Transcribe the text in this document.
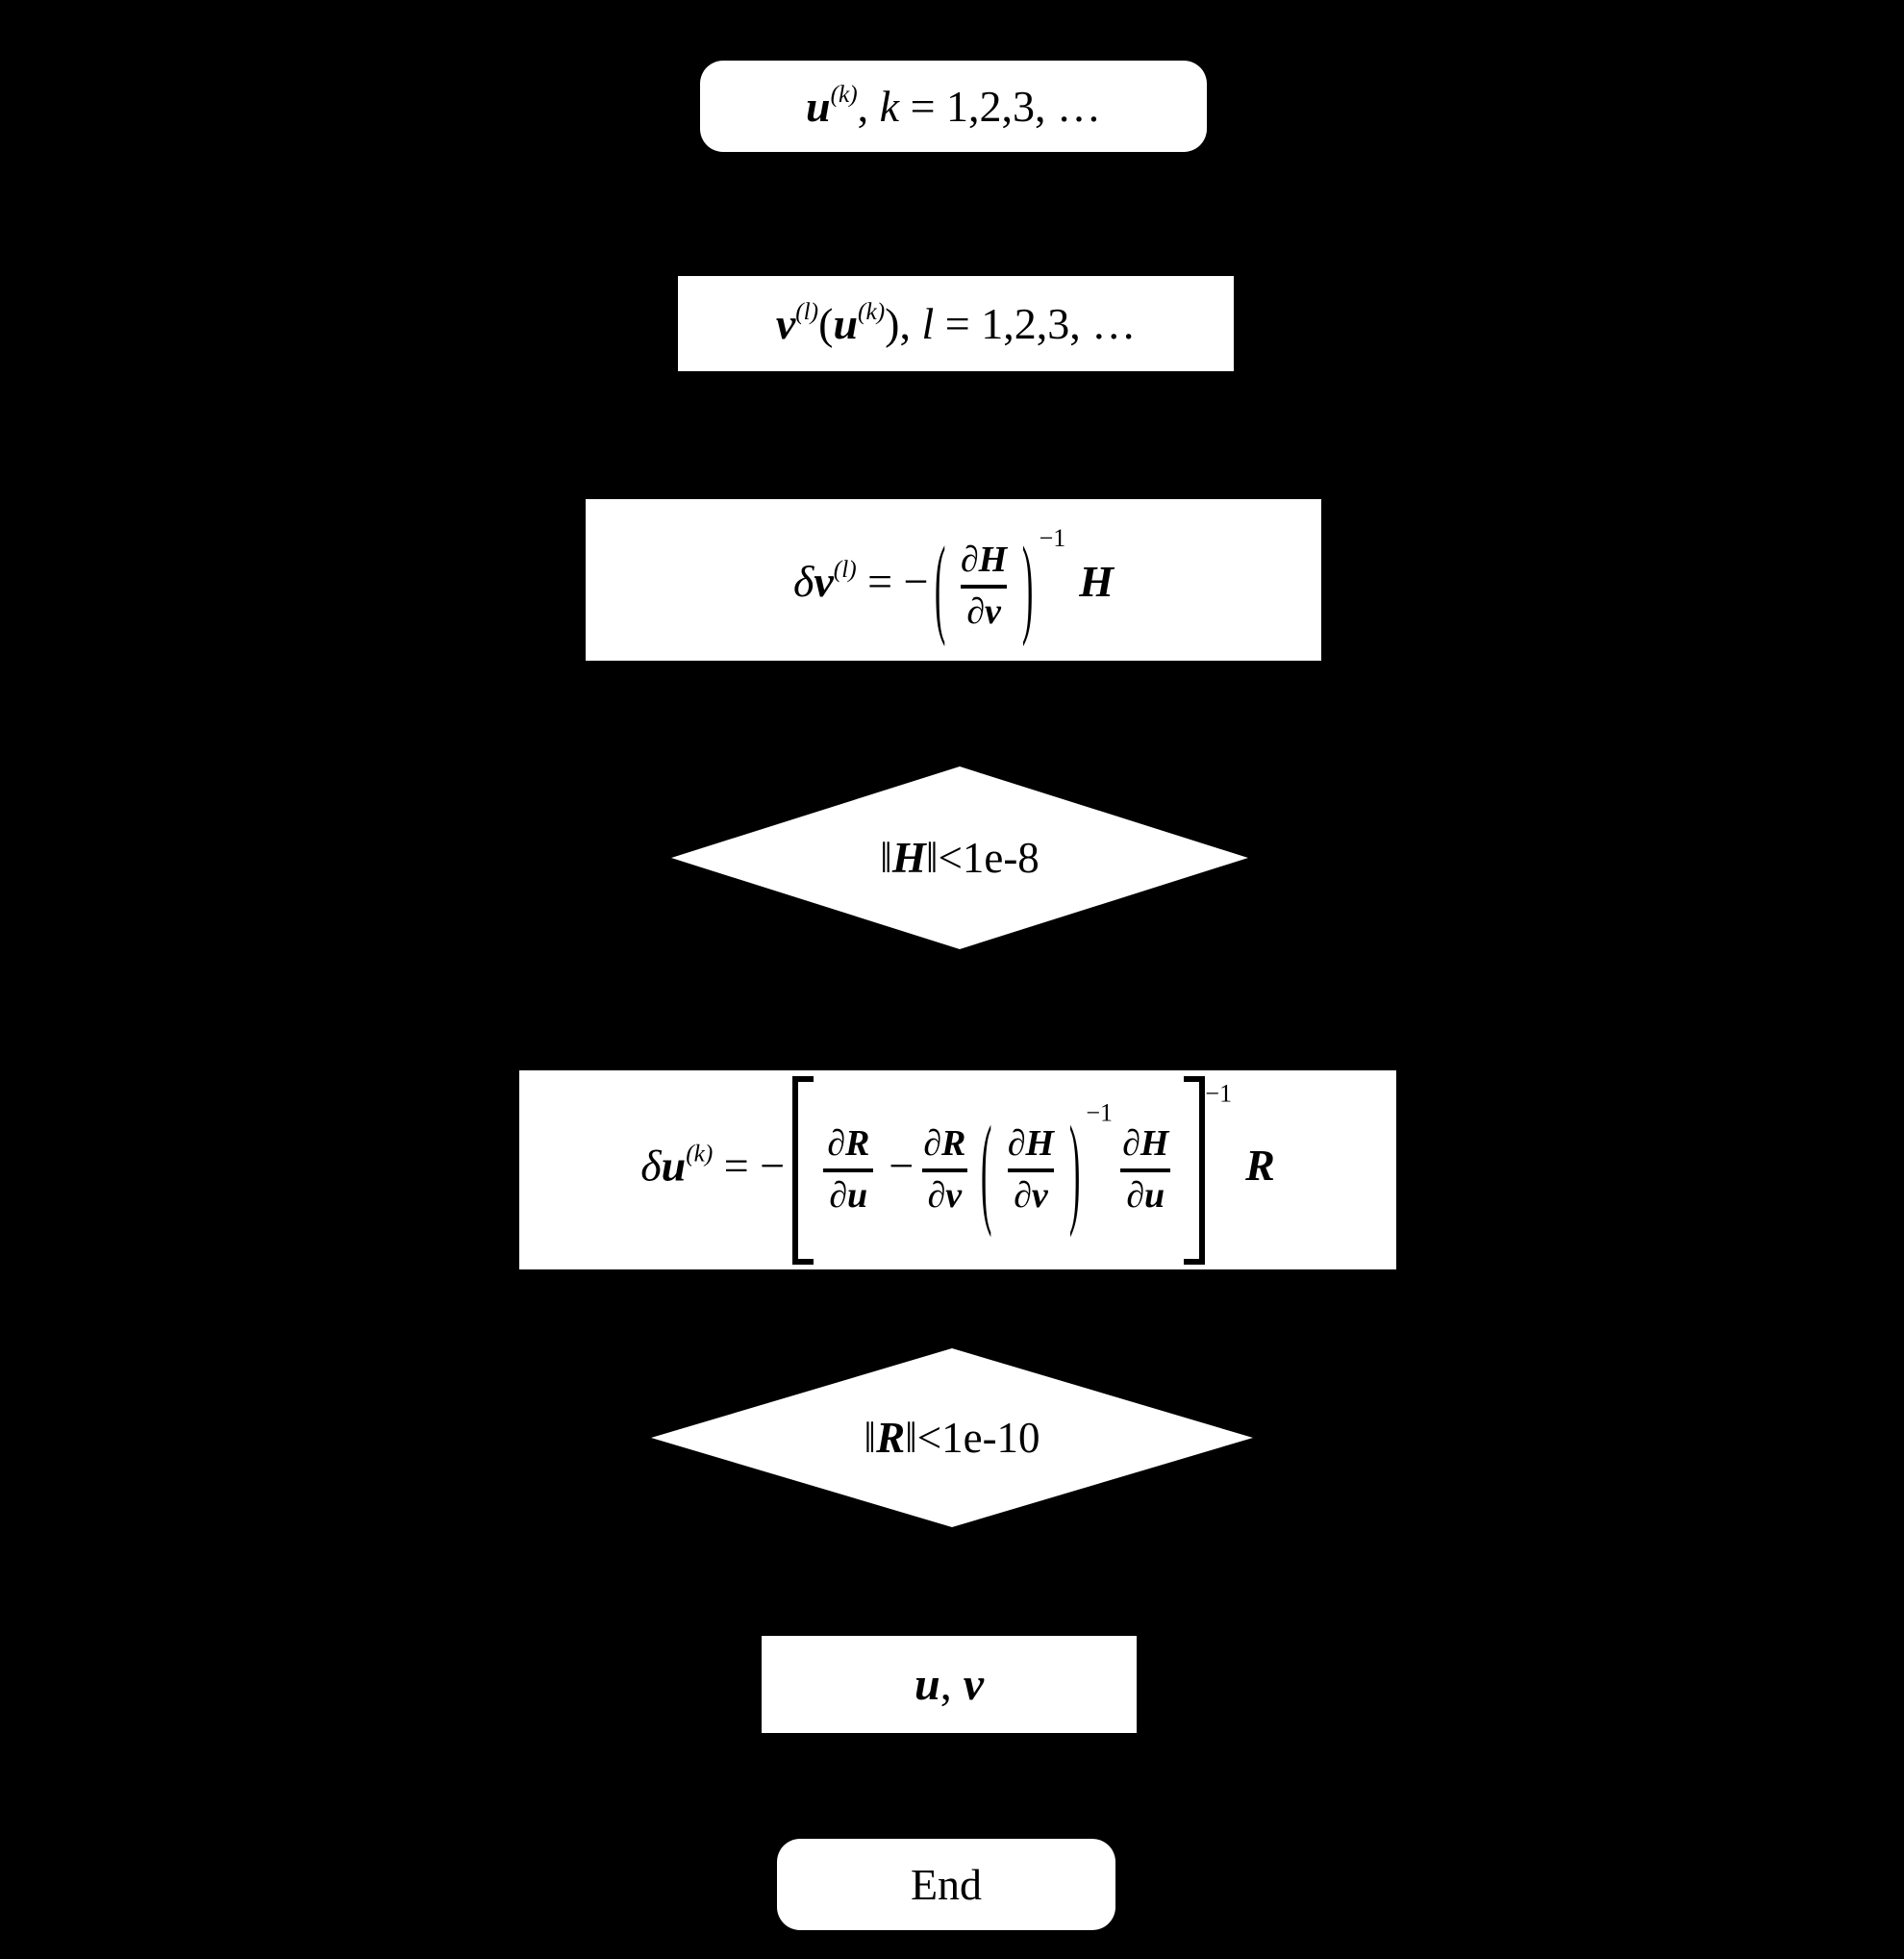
$u^{(k)}$, k = 1,2,3, …
$v^{(l)}(u^{(k)})$, l = 1,2,3, …
$\delta v^{(l)}$ = − ( $\frac{\partial H}{\partial v}$ ) $^{-1}$H
‖H‖<1e-8
$\delta u^{(k)}$ = − $\frac{\partial R}{\partial u} - \frac{\partial R}{\partial v}$ ( $\frac{\partial H}{\partial v}$ ) $^{-1}$
$\frac{\partial H}{\partial u}$
$^{-1}$R
‖R‖<1e-10
u, v
End
